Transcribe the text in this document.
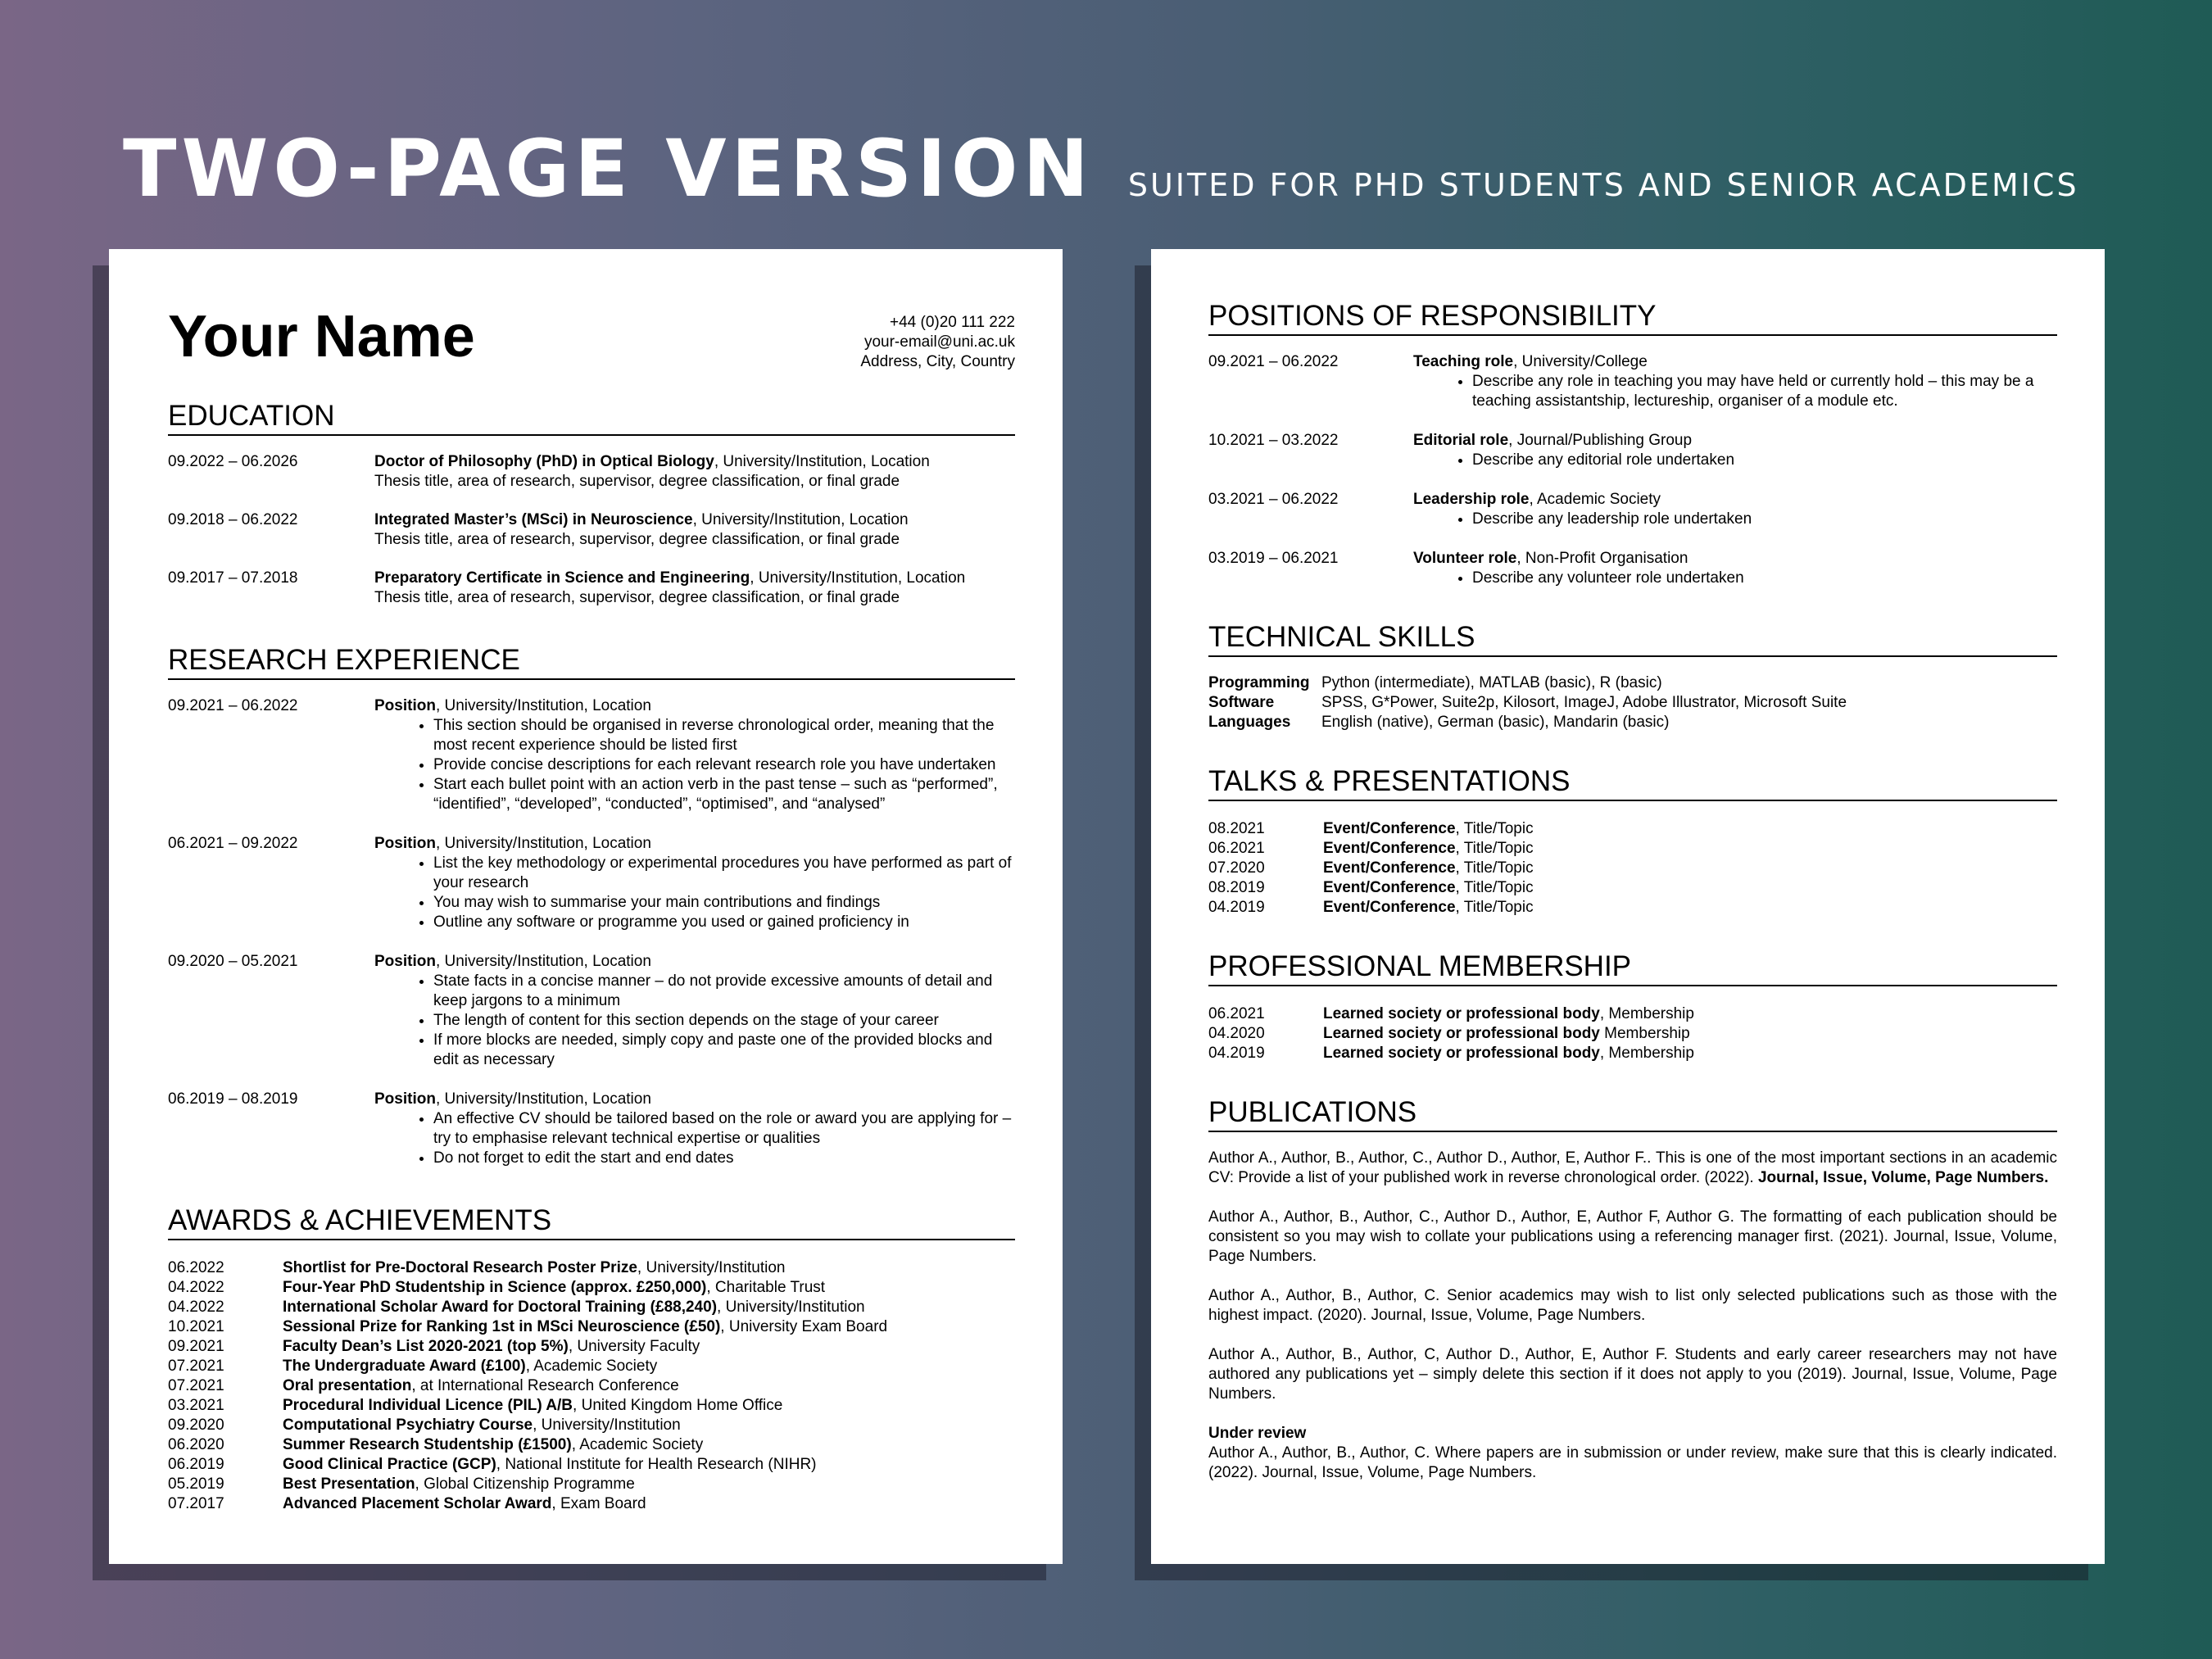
TWO-PAGE VERSION SUITED FOR PHD STUDENTS AND SENIOR ACADEMICS
Your Name	+44 (0)20 111 222
your-email@uni.ac.uk
Address, City, Country
EDUCATION
09.2022 – 06.2026	Doctor of Philosophy (PhD) in Optical Biology, University/Institution, Location
Thesis title, area of research, supervisor, degree classification, or final grade
09.2018 – 06.2022	Integrated Master’s (MSci) in Neuroscience, University/Institution, Location
Thesis title, area of research, supervisor, degree classification, or final grade
09.2017 – 07.2018	Preparatory Certificate in Science and Engineering, University/Institution, Location
Thesis title, area of research, supervisor, degree classification, or final grade
RESEARCH EXPERIENCE
09.2021 – 06.2022	Position, University/Institution, Location
• This section should be organised in reverse chronological order, meaning that the most recent experience should be listed first
• Provide concise descriptions for each relevant research role you have undertaken
• Start each bullet point with an action verb in the past tense – such as “performed”, “identified”, “developed”, “conducted”, “optimised”, and “analysed”
06.2021 – 09.2022	Position, University/Institution, Location
• List the key methodology or experimental procedures you have performed as part of your research
• You may wish to summarise your main contributions and findings
• Outline any software or programme you used or gained proficiency in
09.2020 – 05.2021	Position, University/Institution, Location
• State facts in a concise manner – do not provide excessive amounts of detail and keep jargons to a minimum
• The length of content for this section depends on the stage of your career
• If more blocks are needed, simply copy and paste one of the provided blocks and edit as necessary
06.2019 – 08.2019	Position, University/Institution, Location
• An effective CV should be tailored based on the role or award you are applying for – try to emphasise relevant technical expertise or qualities
• Do not forget to edit the start and end dates
AWARDS & ACHIEVEMENTS
06.2022	Shortlist for Pre-Doctoral Research Poster Prize, University/Institution
04.2022	Four-Year PhD Studentship in Science (approx. £250,000), Charitable Trust
04.2022	International Scholar Award for Doctoral Training (£88,240), University/Institution
10.2021	Sessional Prize for Ranking 1st in MSci Neuroscience (£50), University Exam Board
09.2021	Faculty Dean’s List 2020-2021 (top 5%), University Faculty
07.2021	The Undergraduate Award (£100), Academic Society
07.2021	Oral presentation, at International Research Conference
03.2021	Procedural Individual Licence (PIL) A/B, United Kingdom Home Office
09.2020	Computational Psychiatry Course, University/Institution
06.2020	Summer Research Studentship (£1500), Academic Society
06.2019	Good Clinical Practice (GCP), National Institute for Health Research (NIHR)
05.2019	Best Presentation, Global Citizenship Programme
07.2017	Advanced Placement Scholar Award, Exam Board
POSITIONS OF RESPONSIBILITY
09.2021 – 06.2022	Teaching role, University/College
• Describe any role in teaching you may have held or currently hold – this may be a teaching assistantship, lectureship, organiser of a module etc.
10.2021 – 03.2022	Editorial role, Journal/Publishing Group
• Describe any editorial role undertaken
03.2021 – 06.2022	Leadership role, Academic Society
• Describe any leadership role undertaken
03.2019 – 06.2021	Volunteer role, Non-Profit Organisation
• Describe any volunteer role undertaken
TECHNICAL SKILLS
Programming Python (intermediate), MATLAB (basic), R (basic)
Software	SPSS, G*Power, Suite2p, Kilosort, ImageJ, Adobe Illustrator, Microsoft Suite
Languages	English (native), German (basic), Mandarin (basic)
TALKS & PRESENTATIONS
08.2021	Event/Conference, Title/Topic
06.2021	Event/Conference, Title/Topic
07.2020	Event/Conference, Title/Topic
08.2019	Event/Conference, Title/Topic
04.2019	Event/Conference, Title/Topic
PROFESSIONAL MEMBERSHIP
06.2021	Learned society or professional body, Membership
04.2020	Learned society or professional body Membership
04.2019	Learned society or professional body, Membership
PUBLICATIONS
Author A., Author, B., Author, C., Author D., Author, E, Author F.. This is one of the most important sections in an academic CV: Provide a list of your published work in reverse chronological order. (2022). Journal, Issue, Volume, Page Numbers.
Author A., Author, B., Author, C., Author D., Author, E, Author F, Author G. The formatting of each publication should be consistent so you may wish to collate your publications using a referencing manager first. (2021). Journal, Issue, Volume, Page Numbers.
Author A., Author, B., Author, C. Senior academics may wish to list only selected publications such as those with the highest impact. (2020). Journal, Issue, Volume, Page Numbers.
Author A., Author, B., Author, C, Author D., Author, E, Author F. Students and early career researchers may not have authored any publications yet – simply delete this section if it does not apply to you (2019). Journal, Issue, Volume, Page Numbers.
Under review
Author A., Author, B., Author, C. Where papers are in submission or under review, make sure that this is clearly indicated. (2022). Journal, Issue, Volume, Page Numbers.
